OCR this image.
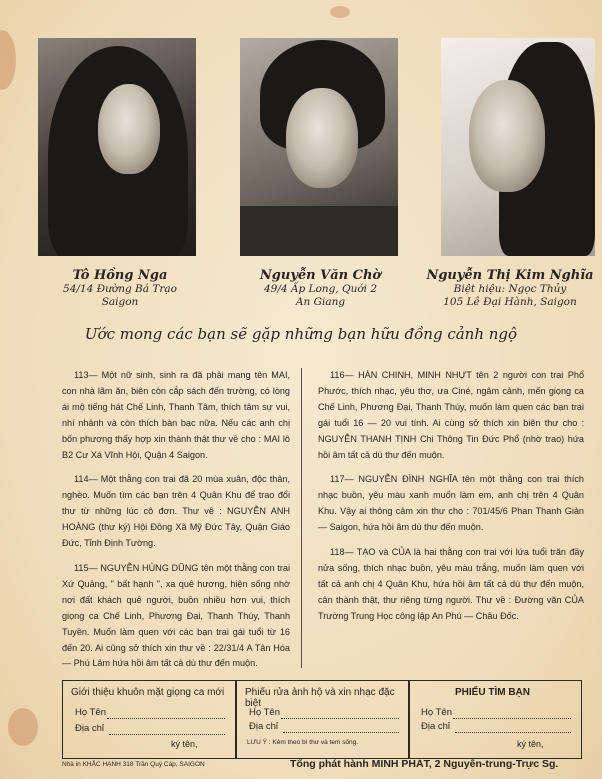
Tô Hồng Nga
54/14 Đường Bá Trạo
Saigon
Nguyễn Văn Chờ
49/4 Ấp Long, Quới 2
An Giang
Nguyễn Thị Kim Nghĩa
Biệt hiệu: Ngọc Thủy
105 Lê Đại Hành, Saigon
Ước mong các bạn sẽ gặp những bạn hữu đồng cảnh ngộ

113— Một nữ sinh, sinh ra đã phải mang tên MAI, con nhà lãm ăn, biên còn cắp sách đến trường, có lòng ái mộ tiếng hát Chế Linh, Thanh Tâm, thích tâm sự vui, nhí nhảnh và còn thích bàn bạc nữa. Nếu các anh chị bốn phương thấy hợp xin thành thật thư về cho : MAI lô B2 Cư Xá Vĩnh Hội, Quận 4 Saigon.

114— Một thằng con trai đã 20 mùa xuân, độc thân, nghèo. Muốn tìm các bạn trên 4 Quân Khu để trao đổi thư từ những lúc cô đơn. Thư về : NGUYỄN ANH HOÀNG (thư ký) Hội Đồng Xã Mỹ Đức Tây, Quận Giáo Đức, Tỉnh Định Tường.

115— NGUYỄN HÙNG DŨNG tên một thằng con trai Xứ Quảng, " bất hạnh ", xa quê hương, hiện sống nhờ nơi đất khách quê người, buồn nhiều hơn vui, thích giọng ca Chế Linh, Phương Đại, Thanh Thúy, Thanh Tuyền. Muốn làm quen với các bạn trai gái tuổi từ 16 đến 20. Ai cũng sở thích xin thư về : 22/31/4 A Tân Hóa — Phú Lâm hứa hồi âm tất cả dù thư đến muộn.

116— HÀN CHINH, MINH NHỰT tên 2 người con trai Phổ Phước, thích nhạc, yêu thơ, ưa Ciné, ngâm cảnh, mến giọng ca Chế Linh, Phương Đại, Thanh Thúy, muốn làm quen các bạn trai gái tuổi 16 — 20 vui tính. Ai cùng sở thích xin biên thư cho : NGUYỄN THANH TỊNH Chi Thông Tin Đức Phổ (nhờ trao) hứa hồi âm tất cả dù thư đến muộn.

117— NGUYỄN ĐÌNH NGHĨA tên một thằng con trai thích nhạc buồn, yêu màu xanh muốn làm em, anh chị trên 4 Quân Khu. Vậy ai thông cảm xin thư cho : 701/45/6 Phan Thanh Giản — Saigon, hứa hồi âm dù thư đến muộn.

118— TẠO và CỦA là hai thằng con trai với lứa tuổi trăn đầy nửa sống, thích nhạc buồn, yêu màu trắng, muốn làm quen với tất cả anh chị 4 Quân Khu, hứa hồi âm tất cả dù thư đến muộn, cân thành thật, thư riêng từng người. Thư về : Đường văn CỦA Trường Trung Học công lập An Phú — Châu Đốc.

Giới thiệu khuôn mặt giọng ca mới
Họ Tên
Địa chỉ
ký tên,
Phiếu rửa ảnh hộ và xin nhạc đặc biệt
Họ Tên
Địa chỉ
LƯU Ý : Kèm theo bì thư và tem sống.
PHIẾU TÌM BẠN
Họ Tên
Địa chỉ
ký tên,
Nhà in KHẮC HẠNH 318 Trần Quý Cáp, SAIGON	Tổng phát hành MINH PHÁT, 2 Nguyễn-trung-Trực Sg.
